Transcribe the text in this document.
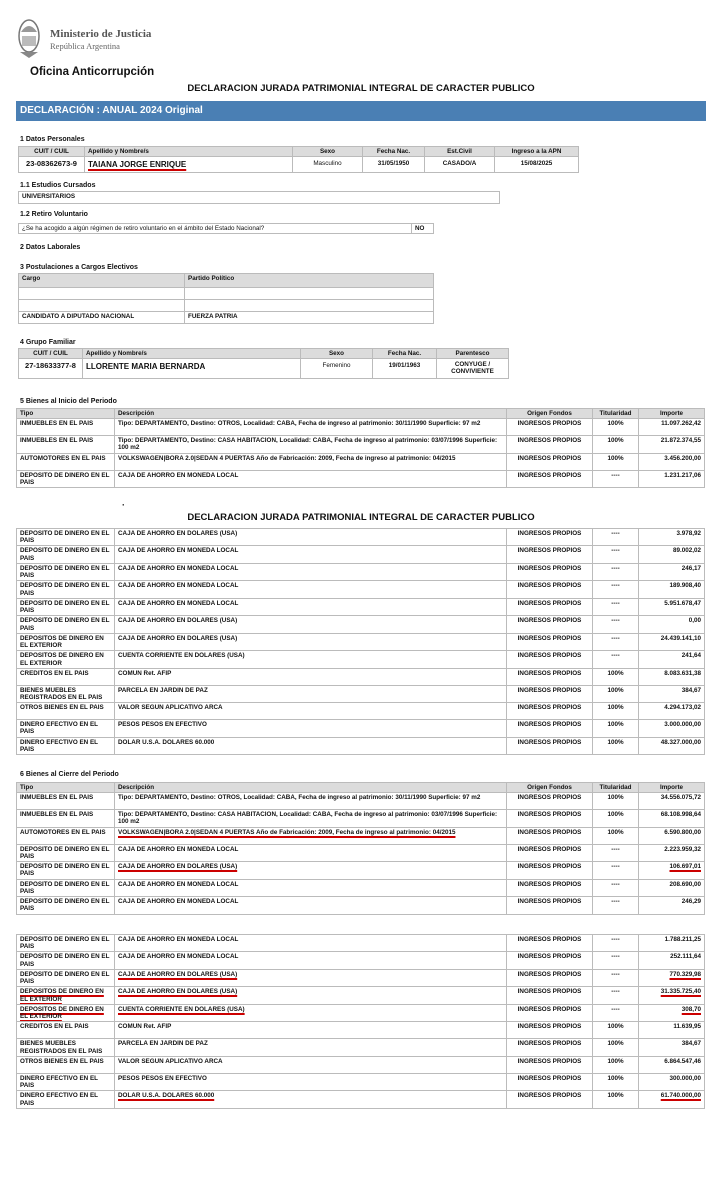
Ministerio de Justicia
República Argentina
Oficina Anticorrupción
DECLARACION JURADA PATRIMONIAL INTEGRAL DE CARACTER PUBLICO
DECLARACIÓN : ANUAL 2024 Original
1 Datos Personales
CUIT / CUIL	Apellido y Nombre/s	Sexo	Fecha Nac.	Est.Civil	Ingreso a la APN
23-08362673-9	TAIANA JORGE ENRIQUE	Masculino	31/05/1950	CASADO/A	15/08/2025
1.1 Estudios Cursados
UNIVERSITARIOS
1.2 Retiro Voluntario
¿Se ha acogido a algún régimen de retiro voluntario en el ámbito del Estado Nacional?	NO
2 Datos Laborales
3 Postulaciones a Cargos Electivos
Cargo	Partido Político

CANDIDATO A DIPUTADO NACIONAL	FUERZA PATRIA
4 Grupo Familiar
CUIT / CUIL	Apellido y Nombre/s	Sexo	Fecha Nac.	Parentesco
27-18633377-8	LLORENTE MARIA BERNARDA	Femenino	19/01/1963	CONYUGE /
CONVIVIENTE
5 Bienes al Inicio del Periodo
Tipo	Descripción	Origen Fondos	Titularidad	Importe
INMUEBLES EN EL PAIS	Tipo: DEPARTAMENTO, Destino: OTROS, Localidad: CABA, Fecha de ingreso al patrimonio: 30/11/1990 Superficie: 97 m2	INGRESOS PROPIOS	100%	11.097.262,42
INMUEBLES EN EL PAIS	Tipo: DEPARTAMENTO, Destino: CASA HABITACION, Localidad: CABA, Fecha de ingreso al patrimonio: 03/07/1996 Superficie: 100 m2	INGRESOS PROPIOS	100%	21.872.374,55
AUTOMOTORES EN EL PAIS	VOLKSWAGEN|BORA 2.0|SEDAN 4 PUERTAS Año de Fabricación: 2009, Fecha de ingreso al patrimonio: 04/2015	INGRESOS PROPIOS	100%	3.456.200,00
DEPOSITO DE DINERO EN EL PAIS	CAJA DE AHORRO EN MONEDA LOCAL	INGRESOS PROPIOS	----	1.231.217,06
·
DECLARACION JURADA PATRIMONIAL INTEGRAL DE CARACTER PUBLICO
DEPOSITO DE DINERO EN EL PAIS	CAJA DE AHORRO EN DOLARES (USA)	INGRESOS PROPIOS	----	3.978,92
DEPOSITO DE DINERO EN EL PAIS	CAJA DE AHORRO EN MONEDA LOCAL	INGRESOS PROPIOS	----	89.002,02
DEPOSITO DE DINERO EN EL PAIS	CAJA DE AHORRO EN MONEDA LOCAL	INGRESOS PROPIOS	----	246,17
DEPOSITO DE DINERO EN EL PAIS	CAJA DE AHORRO EN MONEDA LOCAL	INGRESOS PROPIOS	----	189.908,40
DEPOSITO DE DINERO EN EL PAIS	CAJA DE AHORRO EN MONEDA LOCAL	INGRESOS PROPIOS	----	5.951.678,47
DEPOSITO DE DINERO EN EL PAIS	CAJA DE AHORRO EN DOLARES (USA)	INGRESOS PROPIOS	----	0,00
DEPOSITOS DE DINERO EN EL EXTERIOR	CAJA DE AHORRO EN DOLARES (USA)	INGRESOS PROPIOS	----	24.439.141,10
DEPOSITOS DE DINERO EN EL EXTERIOR	CUENTA CORRIENTE EN DOLARES (USA)	INGRESOS PROPIOS	----	241,64
CREDITOS EN EL PAIS	COMUN Ret. AFIP	INGRESOS PROPIOS	100%	8.083.631,38
BIENES MUEBLES REGISTRADOS EN EL PAIS	PARCELA EN JARDIN DE PAZ	INGRESOS PROPIOS	100%	384,67
OTROS BIENES EN EL PAIS	VALOR SEGUN APLICATIVO ARCA	INGRESOS PROPIOS	100%	4.294.173,02
DINERO EFECTIVO EN EL PAIS	PESOS PESOS EN EFECTIVO	INGRESOS PROPIOS	100%	3.000.000,00
DINERO EFECTIVO EN EL PAIS	DOLAR U.S.A. DOLARES 60.000	INGRESOS PROPIOS	100%	48.327.000,00
6 Bienes al Cierre del Periodo
Tipo	Descripción	Origen Fondos	Titularidad	Importe
INMUEBLES EN EL PAIS	Tipo: DEPARTAMENTO, Destino: OTROS, Localidad: CABA, Fecha de ingreso al patrimonio: 30/11/1990 Superficie: 97 m2	INGRESOS PROPIOS	100%	34.556.075,72
INMUEBLES EN EL PAIS	Tipo: DEPARTAMENTO, Destino: CASA HABITACION, Localidad: CABA, Fecha de ingreso al patrimonio: 03/07/1996 Superficie: 100 m2	INGRESOS PROPIOS	100%	68.108.998,64
AUTOMOTORES EN EL PAIS	VOLKSWAGEN|BORA 2.0|SEDAN 4 PUERTAS Año de Fabricación: 2009, Fecha de ingreso al patrimonio: 04/2015	INGRESOS PROPIOS	100%	6.590.800,00
DEPOSITO DE DINERO EN EL PAIS	CAJA DE AHORRO EN MONEDA LOCAL	INGRESOS PROPIOS	----	2.223.959,32
DEPOSITO DE DINERO EN EL PAIS	CAJA DE AHORRO EN DOLARES (USA)	INGRESOS PROPIOS	----	106.697,01
DEPOSITO DE DINERO EN EL PAIS	CAJA DE AHORRO EN MONEDA LOCAL	INGRESOS PROPIOS	----	208.690,00
DEPOSITO DE DINERO EN EL PAIS	CAJA DE AHORRO EN MONEDA LOCAL	INGRESOS PROPIOS	----	246,29
DEPOSITO DE DINERO EN EL PAIS	CAJA DE AHORRO EN MONEDA LOCAL	INGRESOS PROPIOS	----	1.788.211,25
DEPOSITO DE DINERO EN EL PAIS	CAJA DE AHORRO EN MONEDA LOCAL	INGRESOS PROPIOS	----	252.111,64
DEPOSITO DE DINERO EN EL PAIS	CAJA DE AHORRO EN DOLARES (USA)	INGRESOS PROPIOS	----	770.329,98
DEPOSITOS DE DINERO EN EL EXTERIOR	CAJA DE AHORRO EN DOLARES (USA)	INGRESOS PROPIOS	----	31.335.725,40
DEPOSITOS DE DINERO EN EL EXTERIOR	CUENTA CORRIENTE EN DOLARES (USA)	INGRESOS PROPIOS	----	308,70
CREDITOS EN EL PAIS	COMUN Ret. AFIP	INGRESOS PROPIOS	100%	11.639,95
BIENES MUEBLES REGISTRADOS EN EL PAIS	PARCELA EN JARDIN DE PAZ	INGRESOS PROPIOS	100%	384,67
OTROS BIENES EN EL PAIS	VALOR SEGUN APLICATIVO ARCA	INGRESOS PROPIOS	100%	6.864.547,46
DINERO EFECTIVO EN EL PAIS	PESOS PESOS EN EFECTIVO	INGRESOS PROPIOS	100%	300.000,00
DINERO EFECTIVO EN EL PAIS	DOLAR U.S.A. DOLARES 60.000	INGRESOS PROPIOS	100%	61.740.000,00
